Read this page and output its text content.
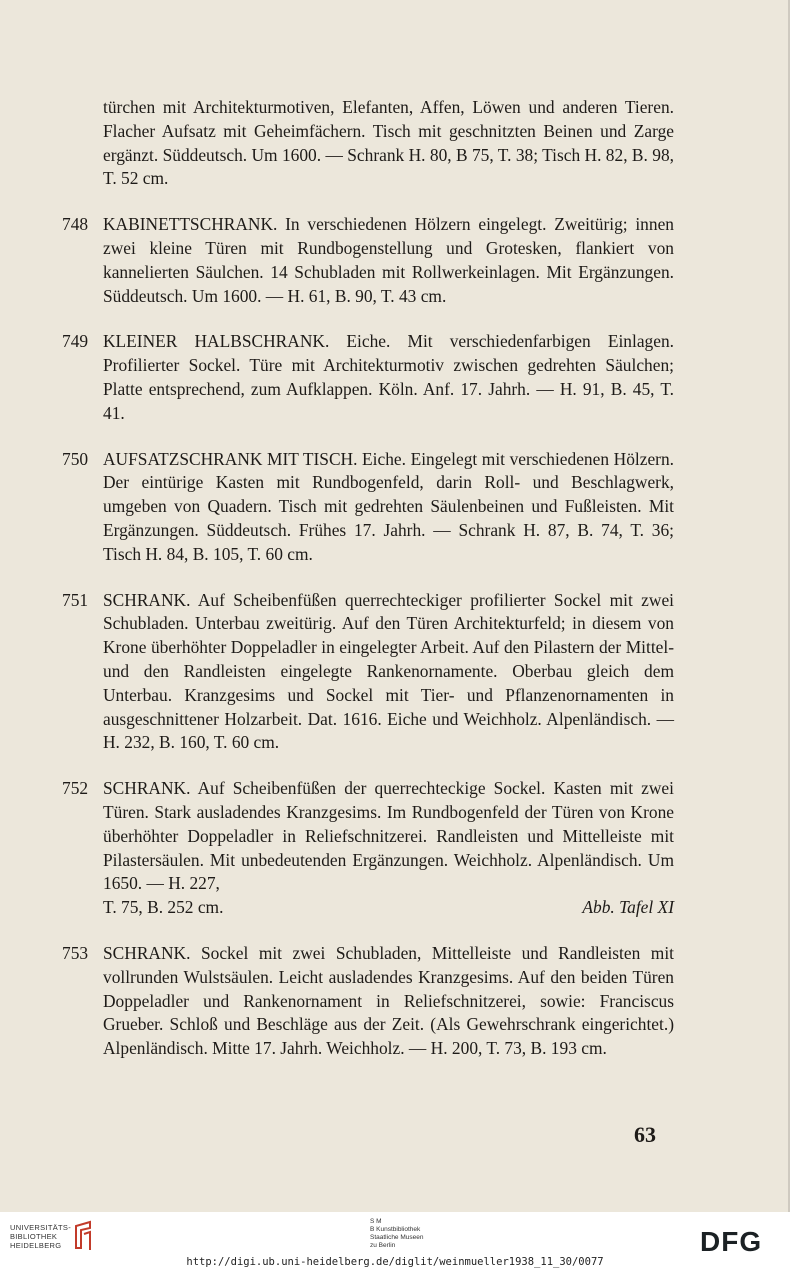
türchen mit Architekturmotiven, Elefanten, Affen, Löwen und anderen Tieren. Flacher Aufsatz mit Geheimfächern. Tisch mit geschnitzten Beinen und Zarge ergänzt. Süddeutsch. Um 1600. — Schrank H. 80, B 75, T. 38; Tisch H. 82, B. 98, T. 52 cm.
748 KABINETTSCHRANK. In verschiedenen Hölzern eingelegt. Zweitürig; innen zwei kleine Türen mit Rundbogenstellung und Grotesken, flankiert von kannelierten Säulchen. 14 Schubladen mit Rollwerkeinlagen. Mit Ergänzungen. Süddeutsch. Um 1600. — H. 61, B. 90, T. 43 cm.
749 KLEINER HALBSCHRANK. Eiche. Mit verschiedenfarbigen Einlagen. Profilierter Sockel. Türe mit Architekturmotiv zwischen gedrehten Säulchen; Platte entsprechend, zum Aufklappen. Köln. Anf. 17. Jahrh. — H. 91, B. 45, T. 41.
750 AUFSATZSCHRANK MIT TISCH. Eiche. Eingelegt mit verschiedenen Hölzern. Der eintürige Kasten mit Rundbogenfeld, darin Roll- und Beschlagwerk, umgeben von Quadern. Tisch mit gedrehten Säulenbeinen und Fußleisten. Mit Ergänzungen. Süddeutsch. Frühes 17. Jahrh. — Schrank H. 87, B. 74, T. 36; Tisch H. 84, B. 105, T. 60 cm.
751 SCHRANK. Auf Scheibenfüßen querrechteckiger profilierter Sockel mit zwei Schubladen. Unterbau zweitürig. Auf den Türen Architekturfeld; in diesem von Krone überhöhter Doppeladler in eingelegter Arbeit. Auf den Pilastern der Mittel- und den Randleisten eingelegte Rankenornamente. Oberbau gleich dem Unterbau. Kranzgesims und Sockel mit Tier- und Pflanzenornamenten in ausgeschnittener Holzarbeit. Dat. 1616. Eiche und Weichholz. Alpenländisch. — H. 232, B. 160, T. 60 cm.
752 SCHRANK. Auf Scheibenfüßen der querrechteckige Sockel. Kasten mit zwei Türen. Stark ausladendes Kranzgesims. Im Rundbogenfeld der Türen von Krone überhöhter Doppeladler in Reliefschnitzerei. Randleisten und Mittelleiste mit Pilastersäulen. Mit unbedeutenden Ergänzungen. Weichholz. Alpenländisch. Um 1650. — H. 227,
T. 75, B. 252 cm.	Abb. Tafel XI
753 SCHRANK. Sockel mit zwei Schubladen, Mittelleiste und Randleisten mit vollrunden Wulstsäulen. Leicht ausladendes Kranzgesims. Auf den beiden Türen Doppeladler und Rankenornament in Reliefschnitzerei, sowie: Franciscus Grueber. Schloß und Beschläge aus der Zeit. (Als Gewehrschrank eingerichtet.) Alpenländisch. Mitte 17. Jahrh. Weichholz. — H. 200, T. 73, B. 193 cm.
63
UNIVERSITÄTS-
BIBLIOTHEK
HEIDELBERG
S M
B Kunstbibliothek
Staatliche Museen
zu Berlin	DFG
http://digi.ub.uni-heidelberg.de/diglit/weinmueller1938_11_30/0077
